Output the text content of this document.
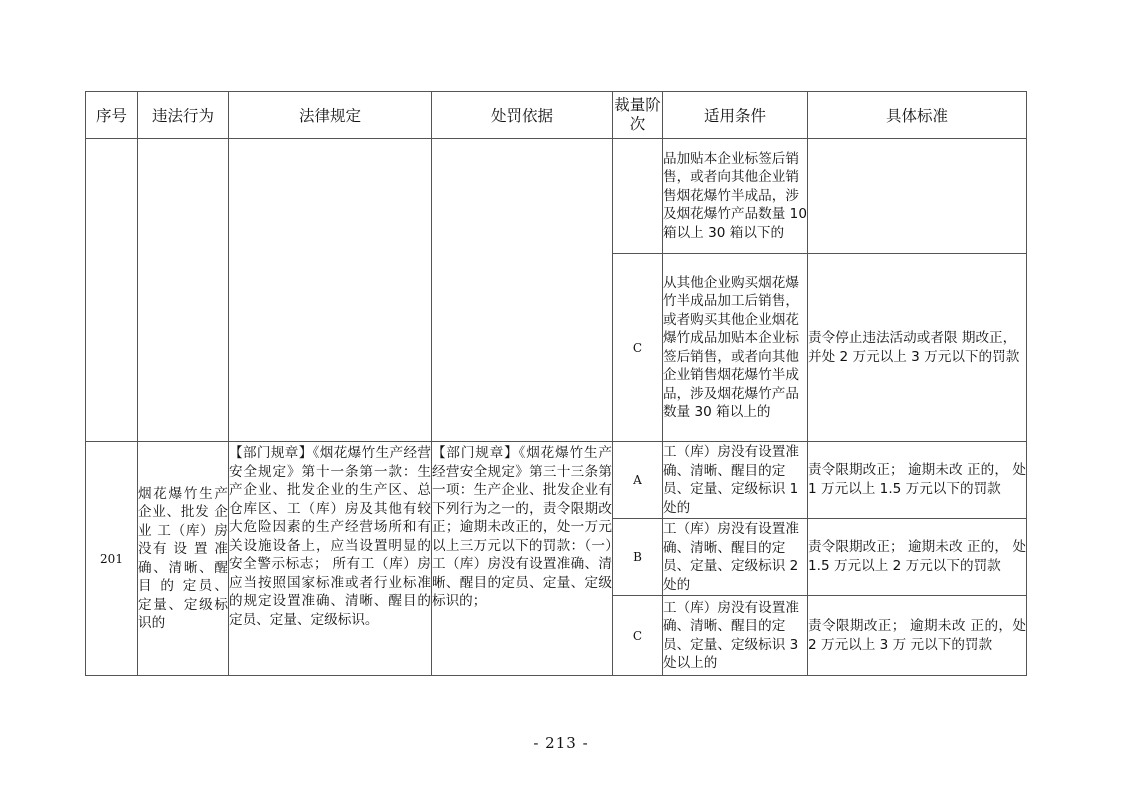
序号	违法行为	法律规定	处罚依据	裁量阶次	适用条件	具体标准
					品加贴本企业标签后销售，或者向其他企业销售烟花爆竹半成品，涉及烟花爆竹产品数量 10 箱以上 30 箱以下的	
				C	从其他企业购买烟花爆竹半成品加工后销售，或者购买其他企业烟花爆竹成品加贴本企业标签后销售，或者向其他企业销售烟花爆竹半成品，涉及烟花爆竹产品数量 30 箱以上的	责令停止违法活动或者限 期改正，并处 2 万元以上 3 万元以下的罚款
201	烟花爆竹生产企业、批发 企 业 工（库）房没有 设 置 准确、清晰、醒 目 的 定员、定量、定级标识的	【部门规章】《烟花爆竹生产经营安全规定》第十一条第一款：生产企业、批发企业的生产区、总仓库区、工（库）房及其他有较大危险因素的生产经营场所和有关设施设备上，应当设置明显的安全警示标志； 所有工（库）房应当按照国家标准或者行业标准的规定设置准确、清晰、醒目的定员、定量、定级标识。	【部门规章】《烟花爆竹生产经营安全规定》第三十三条第一项：生产企业、批发企业有下列行为之一的，责令限期改正；逾期未改正的，处一万元以上三万元以下的罚款：（一）工（库）房没有设置准确、清晰、醒目的定员、定量、定级标识的；	A	工（库）房没有设置准确、清晰、醒目的定员、定量、定级标识 1 处的	责令限期改正； 逾期未改 正的， 处 1 万元以上 1.5 万元以下的罚款
				B	工（库）房没有设置准确、清晰、醒目的定员、定量、定级标识 2 处的	责令限期改正； 逾期未改 正的， 处 1.5 万元以上 2 万元以下的罚款
				C	工（库）房没有设置准确、清晰、醒目的定员、定量、定级标识 3 处以上的	责令限期改正； 逾期未改 正的，处 2 万元以上 3 万 元以下的罚款
- 213 -
